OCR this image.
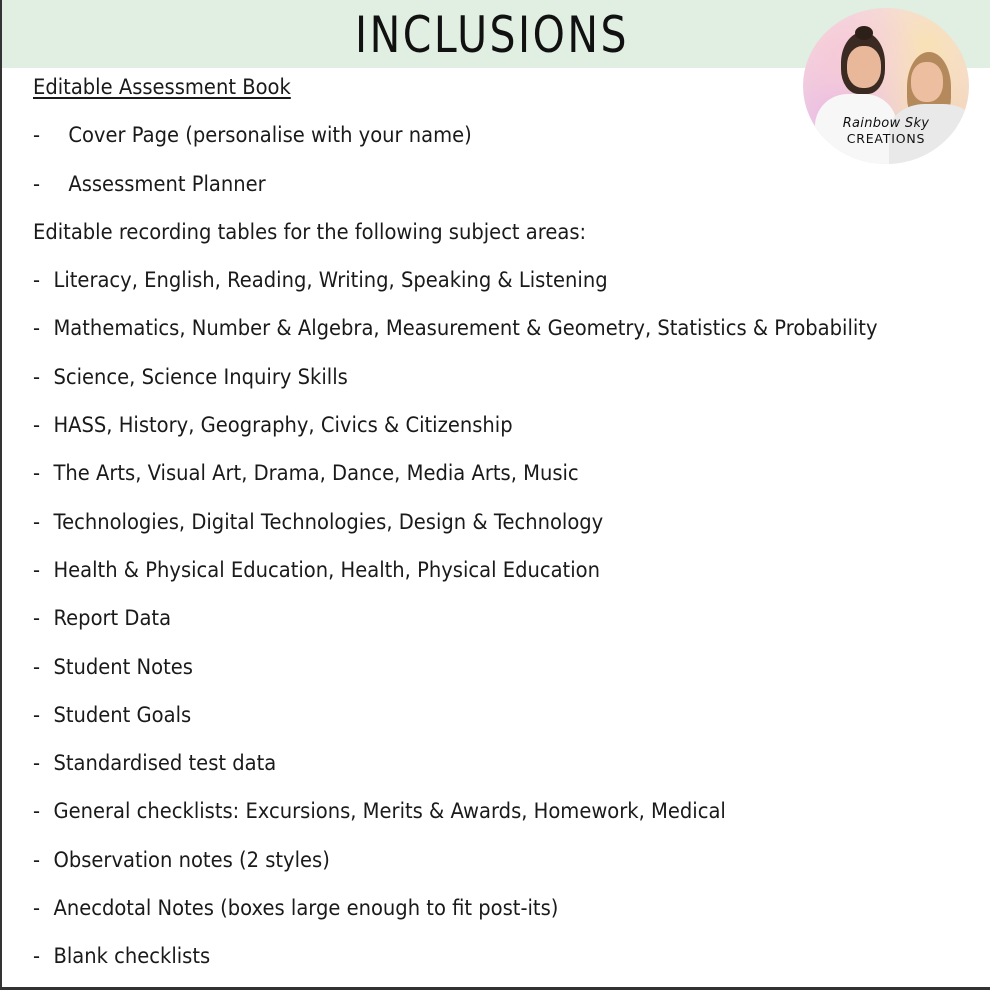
INCLUSIONS
Rainbow Sky
CREATIONS
Editable Assessment Book
- Cover Page (personalise with your name)
- Assessment Planner
Editable recording tables for the following subject areas:
- Literacy, English, Reading, Writing, Speaking & Listening
- Mathematics, Number & Algebra, Measurement & Geometry, Statistics & Probability
- Science, Science Inquiry Skills
- HASS, History, Geography, Civics & Citizenship
- The Arts, Visual Art, Drama, Dance, Media Arts, Music
- Technologies, Digital Technologies, Design & Technology
- Health & Physical Education, Health, Physical Education
- Report Data
- Student Notes
- Student Goals
- Standardised test data
- General checklists: Excursions, Merits & Awards, Homework, Medical
- Observation notes (2 styles)
- Anecdotal Notes (boxes large enough to fit post-its)
- Blank checklists
